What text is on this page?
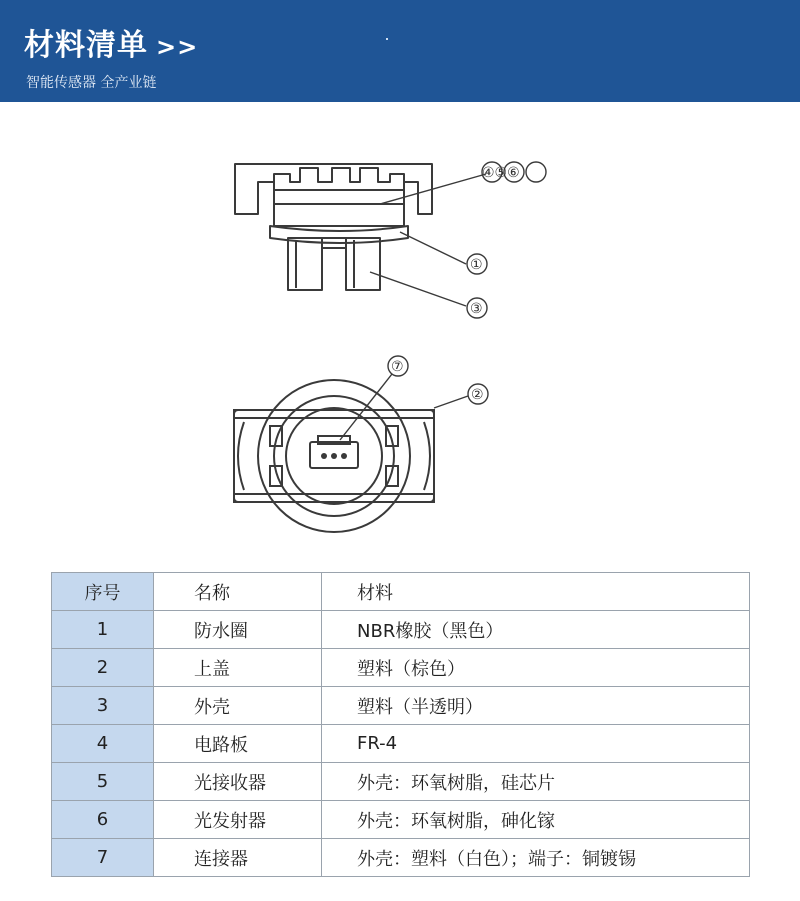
材料清单 >>
智能传感器 全产业链
④⑤⑥
①
③
⑦
②
序号	名称	材料
1	防水圈	NBR橡胶（黑色）
2	上盖	塑料（棕色）
3	外壳	塑料（半透明）
4	电路板	FR-4
5	光接收器	外壳：环氧树脂，硅芯片
6	光发射器	外壳：环氧树脂，砷化镓
7	连接器	外壳：塑料（白色）；端子：铜镀锡
